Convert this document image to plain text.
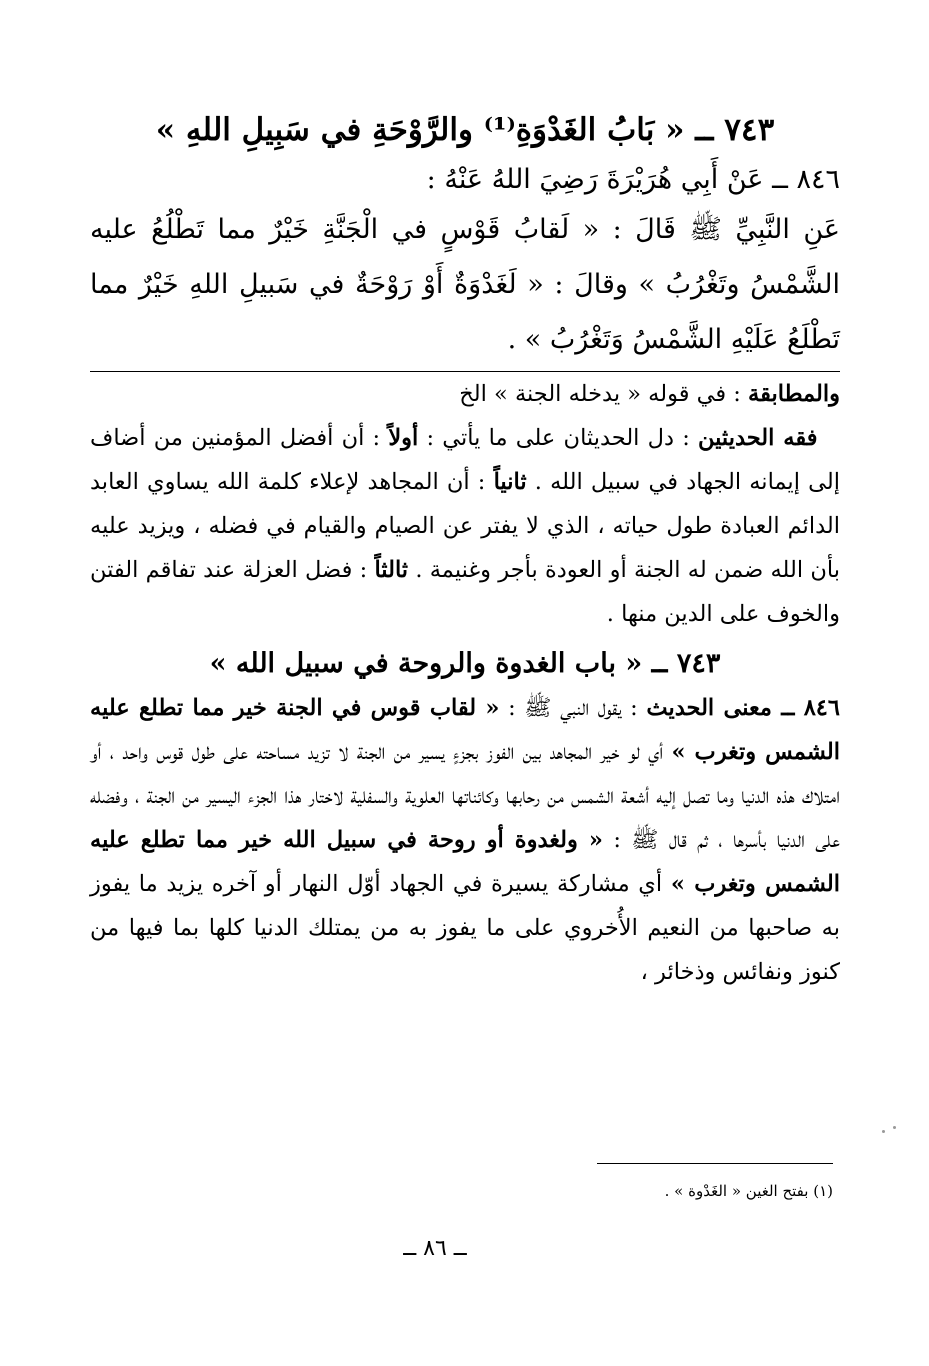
٧٤٣ ــ « بَابُ الغَدْوَةِ⁽¹⁾ والرَّوْحَةِ في سَبِيلِ اللهِ »
٨٤٦ ــ عَنْ أَبِي هُرَيْرَةَ رَضِيَ اللهُ عَنْهُ :

عَنِ النَّبِيِّ ﷺ قَالَ : « لَقابُ قَوْسٍ في الْجَنَّةِ خَيْرٌ مما تَطْلُعُ عليه الشَّمْسُ وتَغْرُبُ » وقالَ : « لَغَدْوَةٌ أَوْ رَوْحَةٌ في سَبيلِ اللهِ خَيْرٌ مما تَطْلَعُ عَلَيْهِ الشَّمْسُ وَتَغْرُبُ » .

والمطابقة : في قوله « يدخله الجنة » الخ

 فقه الحديثين : دل الحديثان على ما يأتي : أولاً : أن أفضل المؤمنين من أضاف إلى إيمانه الجهاد في سبيل الله . ثانياً : أن المجاهد لإعلاء كلمة الله يساوي العابد الدائم العبادة طول حياته ، الذي لا يفتر عن الصيام والقيام في فضله ، ويزيد عليه بأن الله ضمن له الجنة أو العودة بأجر وغنيمة . ثالثاً : فضل العزلة عند تفاقم الفتن والخوف على الدين منها .

٧٤٣ ــ « باب الغدوة والروحة في سبيل الله »

٨٤٦ ــ معنى الحديث : يقول النبي ﷺ : « لقاب قوس في الجنة خير مما تطلع عليه الشمس وتغرب » أي لو خير المجاهد بين الفوز بجزءٍ يسير من الجنة لا تزيد مساحته على طول قوس واحد ، أو امتلاك هذه الدنيا وما تصل إليه أشعة الشمس من رحابها وكائناتها العلوية والسفلية لاختار هذا الجزء اليسير من الجنة ، وفضله على الدنيا بأسرها ، ثم قال ﷺ : « ولغدوة أو روحة في سبيل الله خير مما تطلع عليه الشمس وتغرب » أي مشاركة يسيرة في الجهاد أوّل النهار أو آخره يزيد ما يفوز به صاحبها من النعيم الأُخروي على ما يفوز به من يمتلك الدنيا كلها بما فيها من كنوز ونفائس وذخائر ،

(١) بفتح الغين « الغَدْوة » .
ــ ٨٦ ــ
